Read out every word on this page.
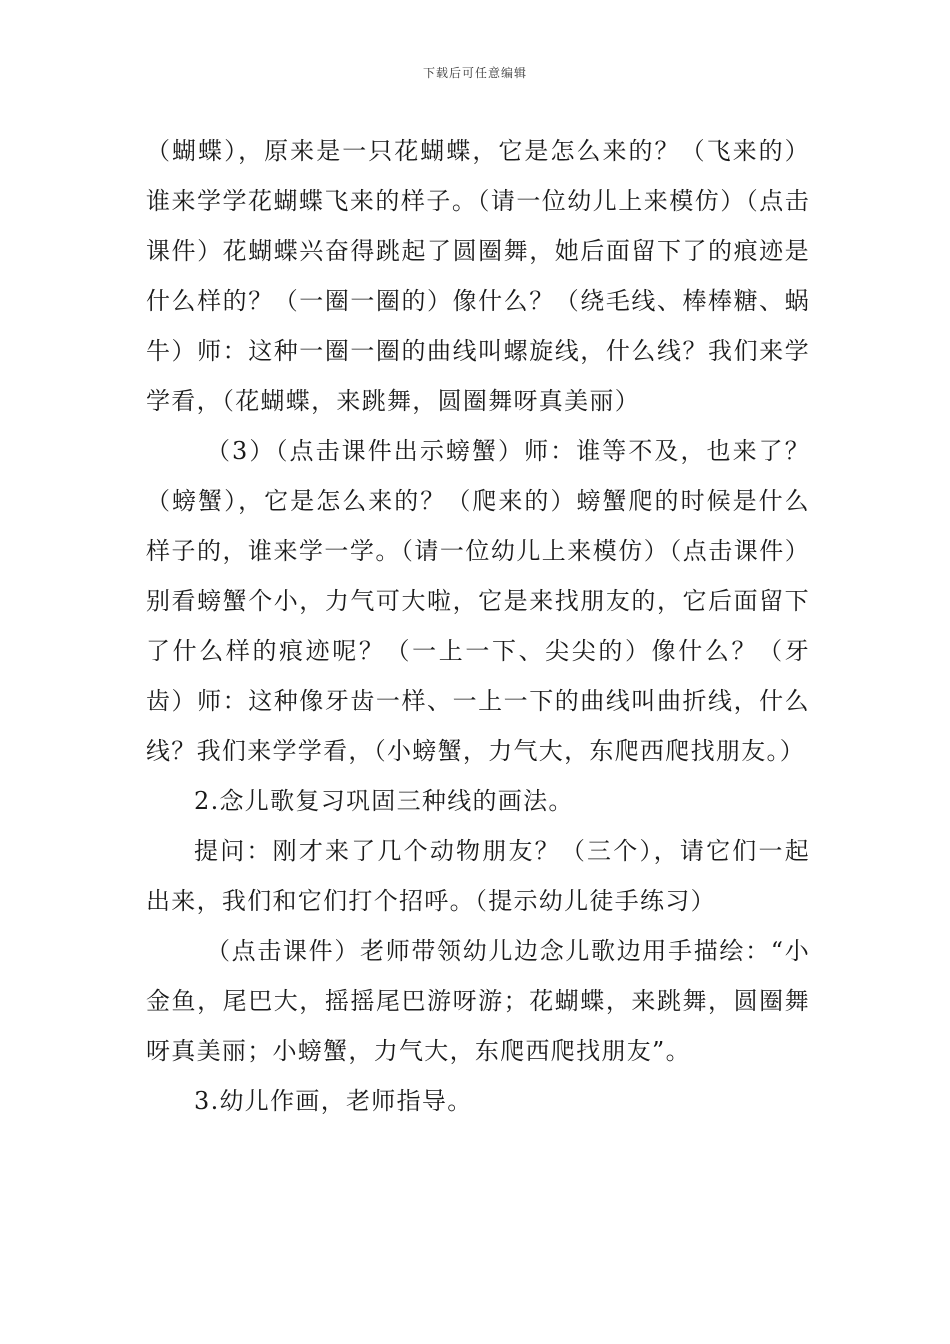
下载后可任意编辑

（蝴蝶），原来是一只花蝴蝶，它是怎么来的？（飞来的）谁来学学花蝴蝶飞来的样子。（请一位幼儿上来模仿）（点击课件）花蝴蝶兴奋得跳起了圆圈舞，她后面留下了的痕迹是什么样的？（一圈一圈的）像什么？（绕毛线、棒棒糖、蜗牛）师：这种一圈一圈的曲线叫螺旋线，什么线？我们来学学看，（花蝴蝶，来跳舞，圆圈舞呀真美丽）

（3）（点击课件出示螃蟹）师：谁等不及，也来了？（螃蟹），它是怎么来的？（爬来的）螃蟹爬的时候是什么样子的，谁来学一学。（请一位幼儿上来模仿）（点击课件）别看螃蟹个小，力气可大啦，它是来找朋友的，它后面留下了什么样的痕迹呢？（一上一下、尖尖的）像什么？（牙齿）师：这种像牙齿一样、一上一下的曲线叫曲折线，什么线？我们来学学看，（小螃蟹，力气大，东爬西爬找朋友。）

2.念儿歌复习巩固三种线的画法。

提问：刚才来了几个动物朋友？（三个），请它们一起出来，我们和它们打个招呼。（提示幼儿徒手练习）

（点击课件）老师带领幼儿边念儿歌边用手描绘：“小金鱼，尾巴大，摇摇尾巴游呀游；花蝴蝶，来跳舞，圆圈舞呀真美丽；小螃蟹，力气大，东爬西爬找朋友”。

3.幼儿作画，老师指导。
